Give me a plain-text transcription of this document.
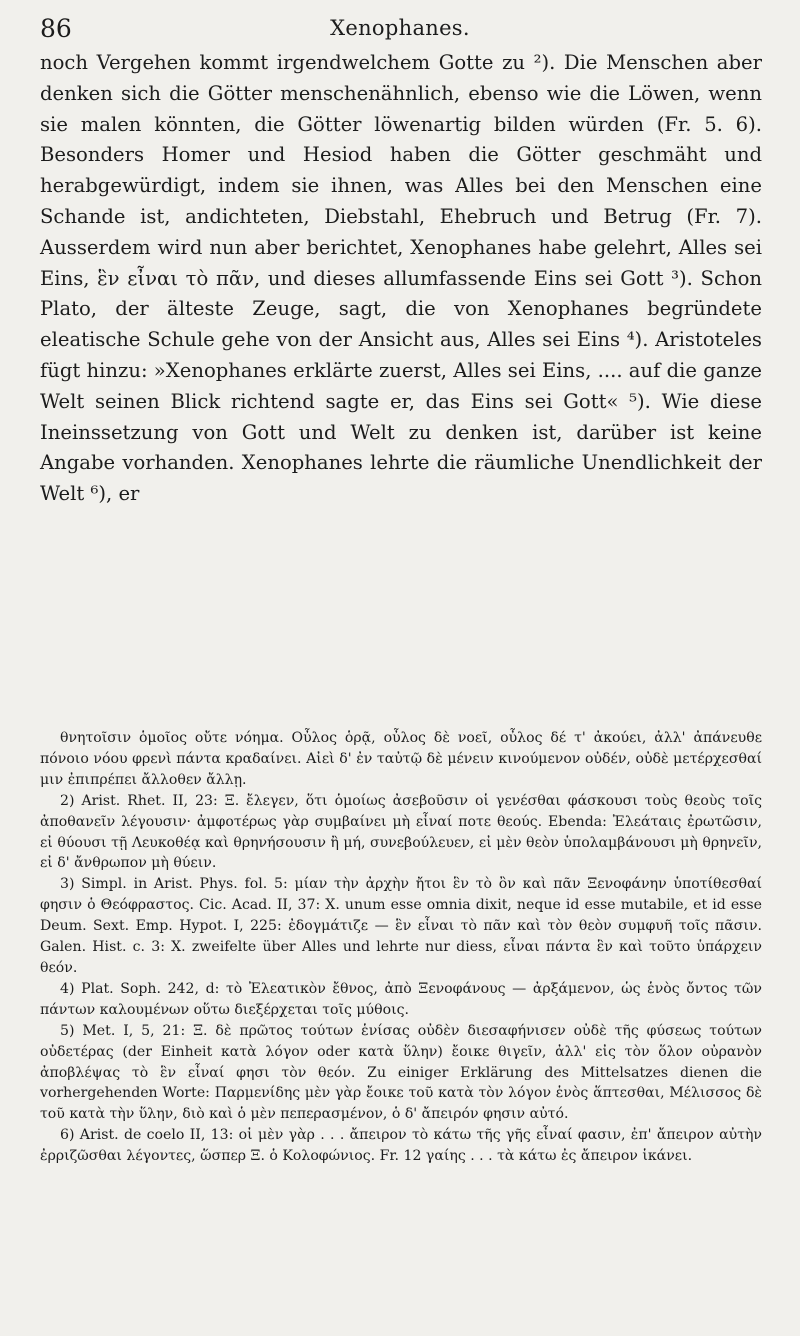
86	Xenophanes.

noch Vergehen kommt irgendwelchem Gotte zu ²). Die Menschen aber denken sich die Götter menschenähnlich, ebenso wie die Löwen, wenn sie malen könnten, die Götter löwenartig bilden würden (Fr. 5. 6). Besonders Homer und Hesiod haben die Götter geschmäht und herabgewürdigt, indem sie ihnen, was Alles bei den Menschen eine Schande ist, andichteten, Diebstahl, Ehebruch und Betrug (Fr. 7). Ausserdem wird nun aber berichtet, Xenophanes habe gelehrt, Alles sei Eins, ἓν εἶναι τὸ πᾶν, und dieses allumfassende Eins sei Gott ³). Schon Plato, der älteste Zeuge, sagt, die von Xenophanes begründete eleatische Schule gehe von der Ansicht aus, Alles sei Eins ⁴). Aristoteles fügt hinzu: »Xenophanes erklärte zuerst, Alles sei Eins, .... auf die ganze Welt seinen Blick richtend sagte er, das Eins sei Gott« ⁵). Wie diese Ineinssetzung von Gott und Welt zu denken ist, darüber ist keine Angabe vorhanden. Xenophanes lehrte die räumliche Unendlichkeit der Welt ⁶), er

θνητοῖσιν ὁμοῖος οὔτε νόημα. Οὖλος ὁρᾷ, οὖλος δὲ νοεῖ, οὖλος δέ τ' ἀκούει, ἀλλ' ἀπάνευθε πόνοιο νόου φρενὶ πάντα κραδαίνει. Αἰεὶ δ' ἐν ταὐτῷ δὲ μένειν κινούμενον οὐδέν, οὐδὲ μετέρχεσθαί μιν ἐπιπρέπει ἄλλοθεν ἄλλῃ.

2) Arist. Rhet. II, 23: Ξ. ἔλεγεν, ὅτι ὁμοίως ἀσεβοῦσιν οἱ γενέσθαι φάσκουσι τοὺς θεοὺς τοῖς ἀποθανεῖν λέγουσιν· ἀμφοτέρως γὰρ συμβαίνει μὴ εἶναί ποτε θεούς. Ebenda: Ἐλεάταις ἐρωτῶσιν, εἰ θύουσι τῇ Λευκοθέᾳ καὶ θρηνήσουσιν ἢ μή, συνεβούλευεν, εἰ μὲν θεὸν ὑπολαμβάνουσι μὴ θρηνεῖν, εἰ δ' ἄνθρωπον μὴ θύειν.

3) Simpl. in Arist. Phys. fol. 5: μίαν τὴν ἀρχὴν ἤτοι ἓν τὸ ὂν καὶ πᾶν Ξενοφάνην ὑποτίθεσθαί φησιν ὁ Θεόφραστος. Cic. Acad. II, 37: X. unum esse omnia dixit, neque id esse mutabile, et id esse Deum. Sext. Emp. Hypot. I, 225: ἐδογμάτιζε — ἓν εἶναι τὸ πᾶν καὶ τὸν θεὸν συμφυῆ τοῖς πᾶσιν. Galen. Hist. c. 3: X. zweifelte über Alles und lehrte nur diess, εἶναι πάντα ἓν καὶ τοῦτο ὑπάρχειν θεόν.

4) Plat. Soph. 242, d: τὸ Ἐλεατικὸν ἔθνος, ἀπὸ Ξενοφάνους — ἀρξάμενον, ὡς ἑνὸς ὄντος τῶν πάντων καλουμένων οὕτω διεξέρχεται τοῖς μύθοις.

5) Met. I, 5, 21: Ξ. δὲ πρῶτος τούτων ἑνίσας οὐδὲν διεσαφήνισεν οὐδὲ τῆς φύσεως τούτων οὐδετέρας (der Einheit κατὰ λόγον oder κατὰ ὕλην) ἔοικε θιγεῖν, ἀλλ' εἰς τὸν ὅλον οὐρανὸν ἀποβλέψας τὸ ἓν εἶναί φησι τὸν θεόν. Zu einiger Erklärung des Mittelsatzes dienen die vorhergehenden Worte: Παρμενίδης μὲν γὰρ ἔοικε τοῦ κατὰ τὸν λόγον ἑνὸς ἅπτεσθαι, Μέλισσος δὲ τοῦ κατὰ τὴν ὕλην, διὸ καὶ ὁ μὲν πεπερασμένον, ὁ δ' ἄπειρόν φησιν αὐτό.

6) Arist. de coelo II, 13: οἱ μὲν γὰρ . . . ἄπειρον τὸ κάτω τῆς γῆς εἶναί φασιν, ἐπ' ἄπειρον αὐτὴν ἐρριζῶσθαι λέγοντες, ὥσπερ Ξ. ὁ Κολοφώνιος. Fr. 12 γαίης . . . τὰ κάτω ἐς ἄπειρον ἱκάνει.
